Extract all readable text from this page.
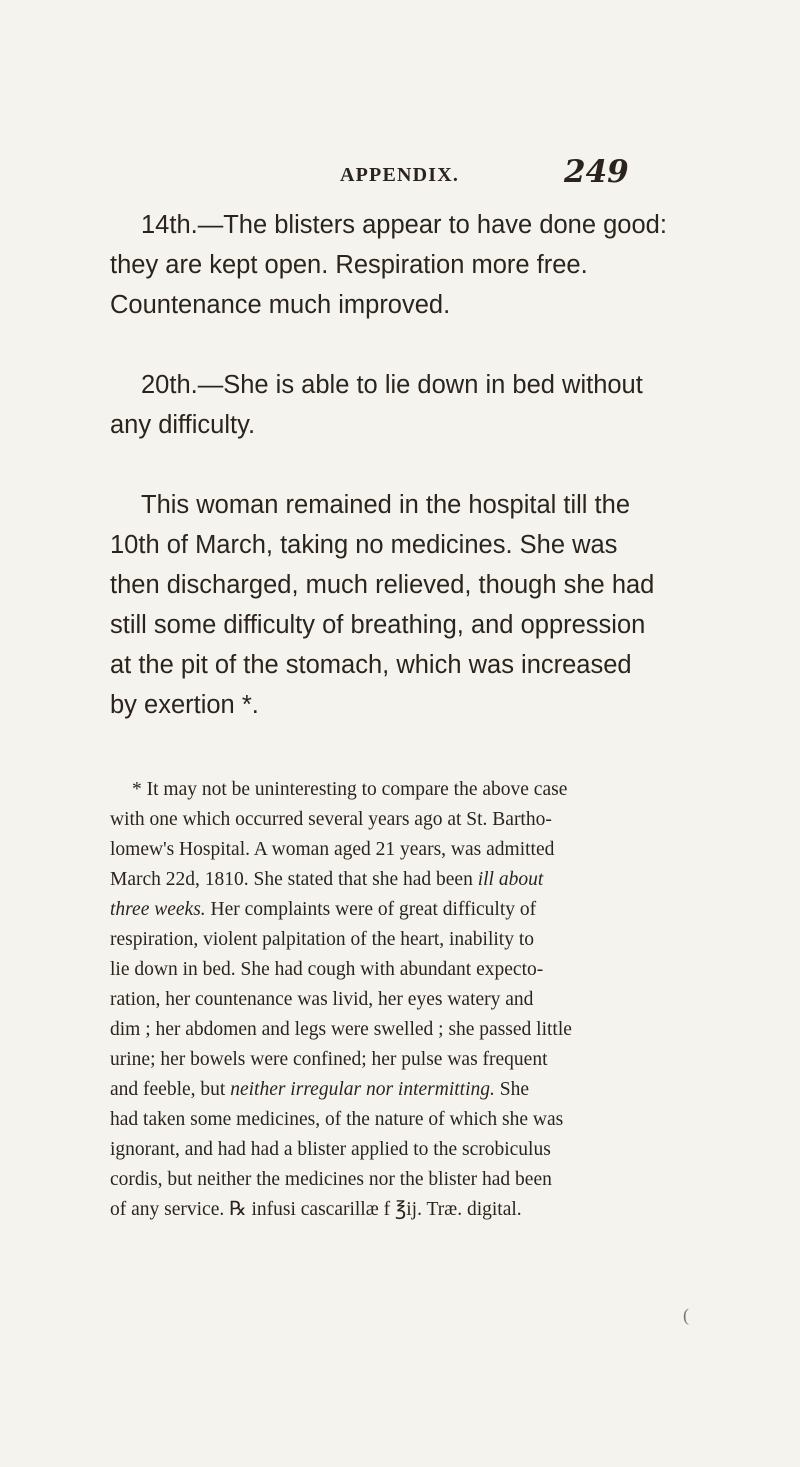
APPENDIX.	249
14th.—The blisters appear to have done good:
they are kept open. Respiration more free.
Countenance much improved.
20th.—She is able to lie down in bed without
any difficulty.
This woman remained in the hospital till the
10th of March, taking no medicines. She was
then discharged, much relieved, though she had
still some difficulty of breathing, and oppression
at the pit of the stomach, which was increased
by exertion *.
* It may not be uninteresting to compare the above case
with one which occurred several years ago at St. Bartho-
lomew's Hospital. A woman aged 21 years, was admitted
March 22d, 1810. She stated that she had been ill about
three weeks. Her complaints were of great difficulty of
respiration, violent palpitation of the heart, inability to
lie down in bed. She had cough with abundant expecto-
ration, her countenance was livid, her eyes watery and
dim ; her abdomen and legs were swelled ; she passed little
urine; her bowels were confined; her pulse was frequent
and feeble, but neither irregular nor intermitting. She
had taken some medicines, of the nature of which she was
ignorant, and had had a blister applied to the scrobiculus
cordis, but neither the medicines nor the blister had been
of any service. ℞ infusi cascarillæ f ℥ij. Træ. digital.
(
